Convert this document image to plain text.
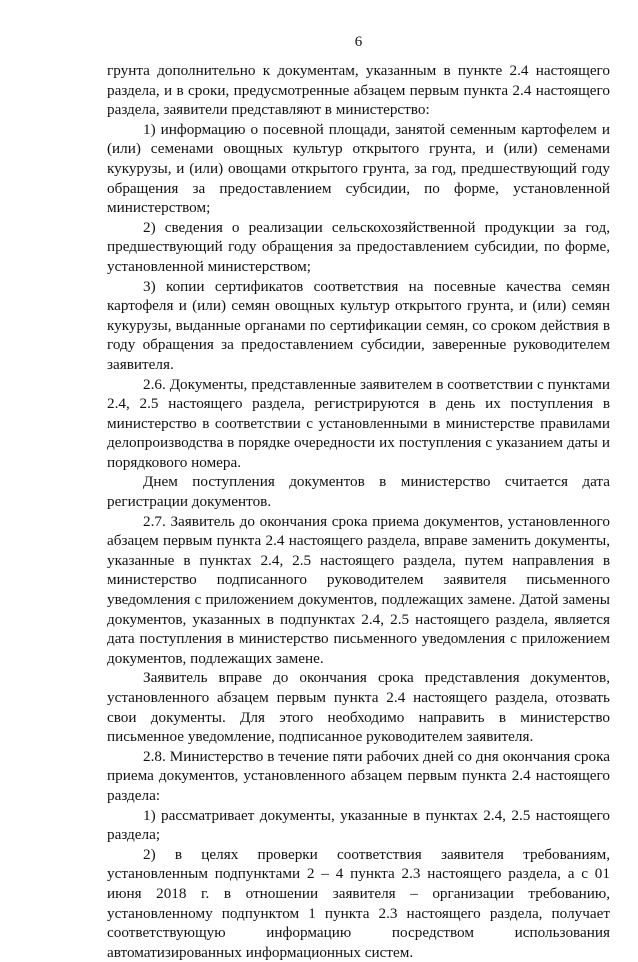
6

грунта дополнительно к документам, указанным в пункте 2.4 настоящего раздела, и в сроки, предусмотренные абзацем первым пункта 2.4 настоящего раздела, заявители представляют в министерство:

1) информацию о посевной площади, занятой семенным картофелем и (или) семенами овощных культур открытого грунта, и (или) семенами кукурузы, и (или) овощами открытого грунта, за год, предшествующий году обращения за предоставлением субсидии, по форме, установленной министерством;

2) сведения о реализации сельскохозяйственной продукции за год, предшествующий году обращения за предоставлением субсидии, по форме, установленной министерством;

3) копии сертификатов соответствия на посевные качества семян картофеля и (или) семян овощных культур открытого грунта, и (или) семян кукурузы, выданные органами по сертификации семян, со сроком действия в году обращения за предоставлением субсидии, заверенные руководителем заявителя.

2.6. Документы, представленные заявителем в соответствии с пунктами 2.4, 2.5 настоящего раздела, регистрируются в день их поступления в министерство в соответствии с установленными в министерстве правилами делопроизводства в порядке очередности их поступления с указанием даты и порядкового номера.

Днем поступления документов в министерство считается дата регистрации документов.

2.7. Заявитель до окончания срока приема документов, установленного абзацем первым пункта 2.4 настоящего раздела, вправе заменить документы, указанные в пунктах 2.4, 2.5 настоящего раздела, путем направления в министерство подписанного руководителем заявителя письменного уведомления с приложением документов, подлежащих замене. Датой замены документов, указанных в подпунктах 2.4, 2.5 настоящего раздела, является дата поступления в министерство письменного уведомления с приложением документов, подлежащих замене.

Заявитель вправе до окончания срока представления документов, установленного абзацем первым пункта 2.4 настоящего раздела, отозвать свои документы. Для этого необходимо направить в министерство письменное уведомление, подписанное руководителем заявителя.

2.8. Министерство в течение пяти рабочих дней со дня окончания срока приема документов, установленного абзацем первым пункта 2.4 настоящего раздела:

1) рассматривает документы, указанные в пунктах 2.4, 2.5 настоящего раздела;

2) в целях проверки соответствия заявителя требованиям, установленным подпунктами 2 – 4 пункта 2.3 настоящего раздела, а с 01 июня 2018 г. в отношении заявителя – организации требованию, установленному подпунктом 1 пункта 2.3 настоящего раздела, получает соответствующую информацию посредством использования автоматизированных информационных систем.
